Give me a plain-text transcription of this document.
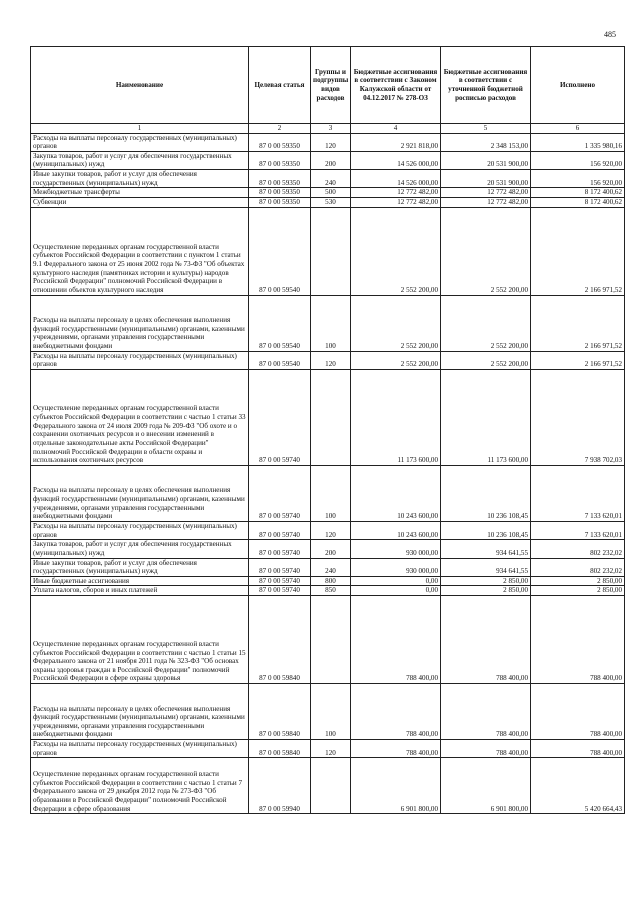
485
Наименование	Целевая статья	Группы и подгруппы видов расходов	Бюджетные ассигнования в соответствии с Законом Калужской области от 04.12.2017 № 278-ОЗ	Бюджетные ассигнования в соответствии с уточненной бюджетной росписью расходов	Исполнено
1	2	3	4	5	6
Расходы на выплаты персоналу государственных (муниципальных) органов	87 0 00 59350	120	2 921 818,00	2 348 153,00	1 335 980,16
Закупка товаров, работ и услуг для обеспечения государственных (муниципальных) нужд	87 0 00 59350	200	14 526 000,00	20 531 900,00	156 920,00
Иные закупки товаров, работ и услуг для обеспечения государственных (муниципальных) нужд	87 0 00 59350	240	14 526 000,00	20 531 900,00	156 920,00
Межбюджетные трансферты	87 0 00 59350	500	12 772 482,00	12 772 482,00	8 172 400,62
Субвенции	87 0 00 59350	530	12 772 482,00	12 772 482,00	8 172 400,62
Осуществление переданных органам государственной власти субъектов Российской Федерации в соответствии с пунктом 1 статьи 9.1 Федерального закона от 25 июня 2002 года № 73-ФЗ "Об объектах культурного наследия (памятниках истории и культуры) народов Российской Федерации" полномочий Российской Федерации в отношении объектов культурного наследия	87 0 00 59540		2 552 200,00	2 552 200,00	2 166 971,52
Расходы на выплаты персоналу в целях обеспечения выполнения функций государственными (муниципальными) органами, казенными учреждениями, органами управления государственными внебюджетными фондами	87 0 00 59540	100	2 552 200,00	2 552 200,00	2 166 971,52
Расходы на выплаты персоналу государственных (муниципальных) органов	87 0 00 59540	120	2 552 200,00	2 552 200,00	2 166 971,52
Осуществление переданных органам государственной власти субъектов Российской Федерации в соответствии с частью 1 статьи 33 Федерального закона от 24 июля 2009 года № 209-ФЗ "Об охоте и о сохранении охотничьих ресурсов и о внесении изменений в отдельные законодательные акты Российской Федерации" полномочий Российской Федерации в области охраны и использования охотничьих ресурсов	87 0 00 59740		11 173 600,00	11 173 600,00	7 938 702,03
Расходы на выплаты персоналу в целях обеспечения выполнения функций государственными (муниципальными) органами, казенными учреждениями, органами управления государственными внебюджетными фондами	87 0 00 59740	100	10 243 600,00	10 236 108,45	7 133 620,01
Расходы на выплаты персоналу государственных (муниципальных) органов	87 0 00 59740	120	10 243 600,00	10 236 108,45	7 133 620,01
Закупка товаров, работ и услуг для обеспечения государственных (муниципальных) нужд	87 0 00 59740	200	930 000,00	934 641,55	802 232,02
Иные закупки товаров, работ и услуг для обеспечения государственных (муниципальных) нужд	87 0 00 59740	240	930 000,00	934 641,55	802 232,02
Иные бюджетные ассигнования	87 0 00 59740	800	0,00	2 850,00	2 850,00
Уплата налогов, сборов и иных платежей	87 0 00 59740	850	0,00	2 850,00	2 850,00
Осуществление переданных органам государственной власти субъектов Российской Федерации в соответствии с частью 1 статьи 15 Федерального закона от 21 ноября 2011 года № 323-ФЗ "Об основах охраны здоровья граждан в Российской Федерации" полномочий Российской Федерации в сфере охраны здоровья	87 0 00 59840		788 400,00	788 400,00	788 400,00
Расходы на выплаты персоналу в целях обеспечения выполнения функций государственными (муниципальными) органами, казенными учреждениями, органами управления государственными внебюджетными фондами	87 0 00 59840	100	788 400,00	788 400,00	788 400,00
Расходы на выплаты персоналу государственных (муниципальных) органов	87 0 00 59840	120	788 400,00	788 400,00	788 400,00
Осуществление переданных органам государственной власти субъектов Российской Федерации в соответствии с частью 1 статьи 7 Федерального закона от 29 декабря 2012 года № 273-ФЗ "Об образовании в Российской Федерации" полномочий Российской Федерации в сфере образования	87 0 00 59940		6 901 800,00	6 901 800,00	5 420 664,43
